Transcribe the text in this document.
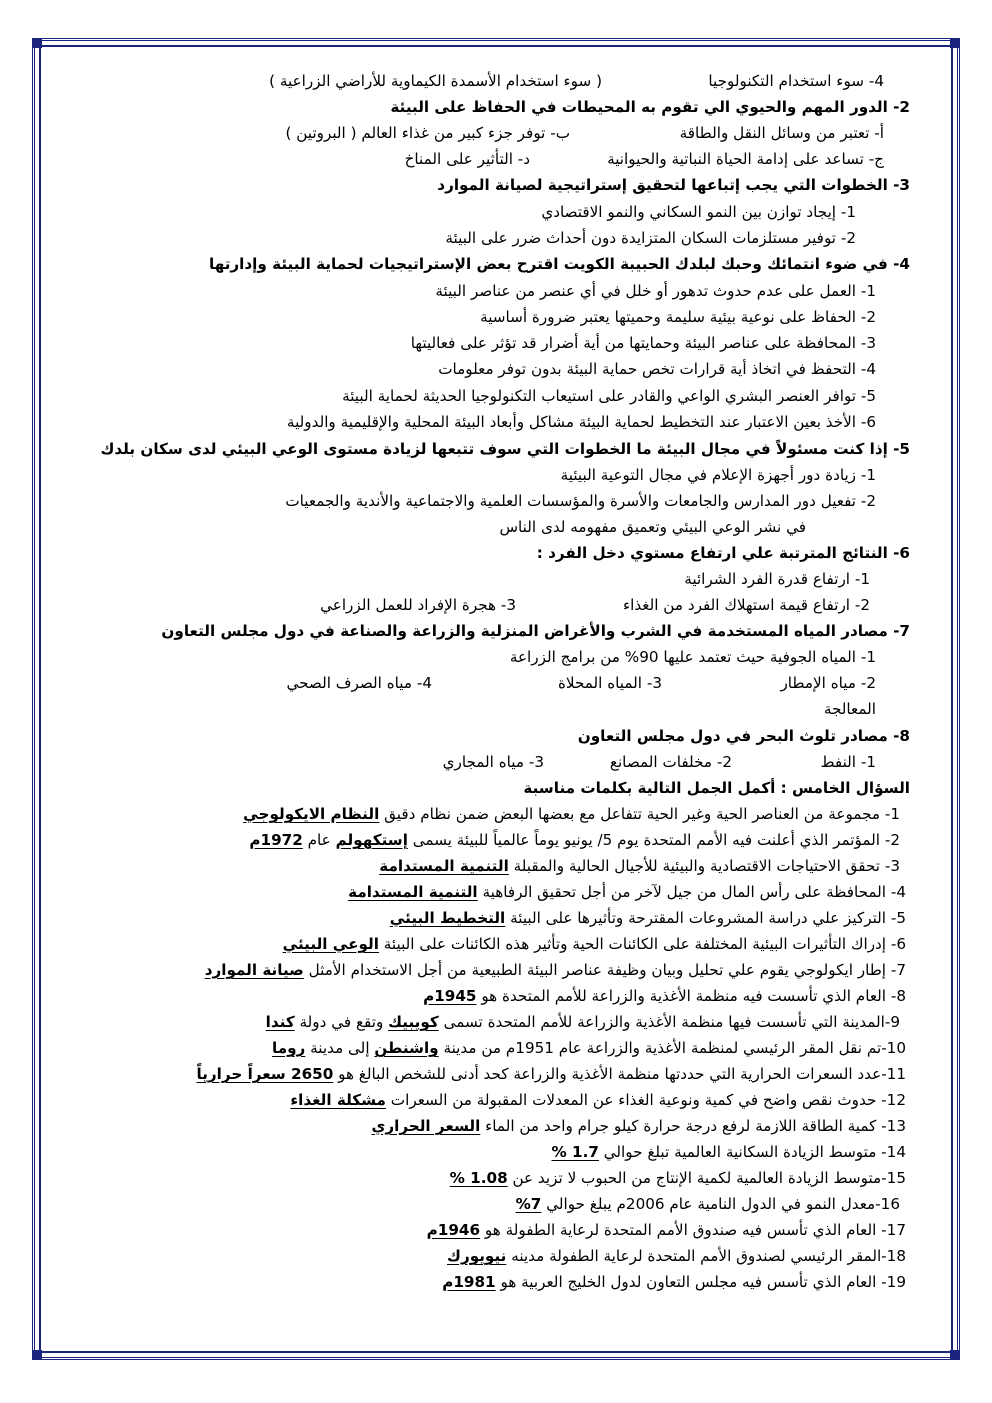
4- سوء استخدام التكنولوجيا
( سوء استخدام الأسمدة الكيماوية للأراضي الزراعية )
2- الدور المهم والحيوي الي تقوم به المحيطات في الحفاظ على البيئة
أ- تعتبر من وسائل النقل والطاقة
ب- توفر جزء كبير من غذاء العالم ( البروتين )
ج- تساعد على إدامة الحياة النباتية والحيوانية
د- التأثير على المناخ
3- الخطوات التي يجب إتباعها لتحقيق إستراتيجية لصيانة الموارد
1- إيجاد توازن بين النمو السكاني والنمو الاقتصادي
2- توفير مستلزمات السكان المتزايدة دون أحداث ضرر على البيئة
4- في ضوء انتمائك وحبك لبلدك الحبيبة الكويت اقترح بعض الإستراتيجيات لحماية البيئة وإدارتها
1- العمل على عدم حدوث تدهور أو خلل في أي عنصر من عناصر البيئة
2- الحفاظ على نوعية بيئية سليمة وحميتها يعتبر ضرورة أساسية
3- المحافظة على عناصر البيئة وحمايتها من أية أضرار قد تؤثر على فعاليتها
4- التحفظ في اتخاذ أية قرارات تخص حماية البيئة بدون توفر معلومات
5- توافر العنصر البشري الواعي والقادر على استيعاب التكنولوجيا الحديثة لحماية البيئة
6- الأخذ بعين الاعتبار عند التخطيط لحماية البيئة مشاكل وأبعاد البيئة المحلية والإقليمية والدولية
5- إذا كنت مسئولاً في مجال البيئة ما الخطوات التي سوف تتبعها لزيادة مستوى الوعي البيئي لدى سكان بلدك
1- زيادة دور أجهزة الإعلام في مجال التوعية البيئية
2- تفعيل دور المدارس والجامعات والأسرة والمؤسسات العلمية والاجتماعية والأندية والجمعيات
في نشر الوعي البيئي وتعميق مفهومه لدى الناس
6- النتائج المترتبة علي ارتفاع مستوي دخل الفرد :
1- ارتفاع قدرة الفرد الشرائية
2- ارتفاع قيمة استهلاك الفرد من الغذاء
3- هجرة الإفراد للعمل الزراعي
7- مصادر المياه المستخدمة في الشرب والأغراض المنزلية والزراعة والصناعة في دول مجلس التعاون
1- المياه الجوفية حيث تعتمد عليها 90% من برامج الزراعة
2- مياه الإمطار
3- المياه المحلاة
4- مياه الصرف الصحي
المعالجة
8- مصادر تلوث البحر في دول مجلس التعاون
1- النفط
2- مخلفات المصانع
3- مياه المجاري
السؤال الخامس : أكمل الجمل التالية بكلمات مناسبة
1- مجموعة من العناصر الحية وغير الحية تتفاعل مع بعضها البعض ضمن نظام دقيق النظام الايكولوجي
2- المؤتمر الذي أعلنت فيه الأمم المتحدة يوم 5/ يونيو يوماً عالمياً للبيئة يسمى إستكهولم عام 1972م
3- تحقق الاحتياجات الاقتصادية والبيئية للأجيال الحالية والمقبلة التنمية المستدامة
4- المحافظة على رأس المال من جيل لآخر من أجل تحقيق الرفاهية التنمية المستدامة
5- التركيز علي دراسة المشروعات المقترحة وتأثيرها على البيئة التخطيط البيئي
6- إدراك التأثيرات البيئية المختلفة على الكائنات الحية وتأثير هذه الكائنات على البيئة الوعي البيئي
7- إطار ايكولوجي يقوم علي تحليل وبيان وظيفة عناصر البيئة الطبيعية من أجل الاستخدام الأمثل صيانة الموارد
8- العام الذي تأسست فيه منظمة الأغذية والزراعة للأمم المتحدة هو 1945م
9-المدينة التي تأسست فيها منظمة الأغذية والزراعة للأمم المتحدة تسمى كويبيك وتقع في دولة كندا
10-تم نقل المقر الرئيسي لمنظمة الأغذية والزراعة عام 1951م من مدينة واشنطن إلى مدينة روما
11-عدد السعرات الحرارية التي حددتها منظمة الأغذية والزراعة كحد أدنى للشخص البالغ هو 2650 سعراً حرارياً
12- حدوث نقص واضح في كمية ونوعية الغذاء عن المعدلات المقبولة من السعرات مشكلة الغذاء
13- كمية الطاقة اللازمة لرفع درجة حرارة كيلو جرام واحد من الماء السعر الحراري
14- متوسط الزيادة السكانية العالمية تبلغ حوالي 1.7 %
15-متوسط الزيادة العالمية لكمية الإنتاج من الحبوب لا تزيد عن 1.08 %
16-معدل النمو في الدول النامية عام 2006م يبلغ حوالي 7%
17- العام الذي تأسس فيه صندوق الأمم المتحدة لرعاية الطفولة هو 1946م
18-المقر الرئيسي لصندوق الأمم المتحدة لرعاية الطفولة مدينه نيويورك
19- العام الذي تأسس فيه مجلس التعاون لدول الخليج العربية هو 1981م
